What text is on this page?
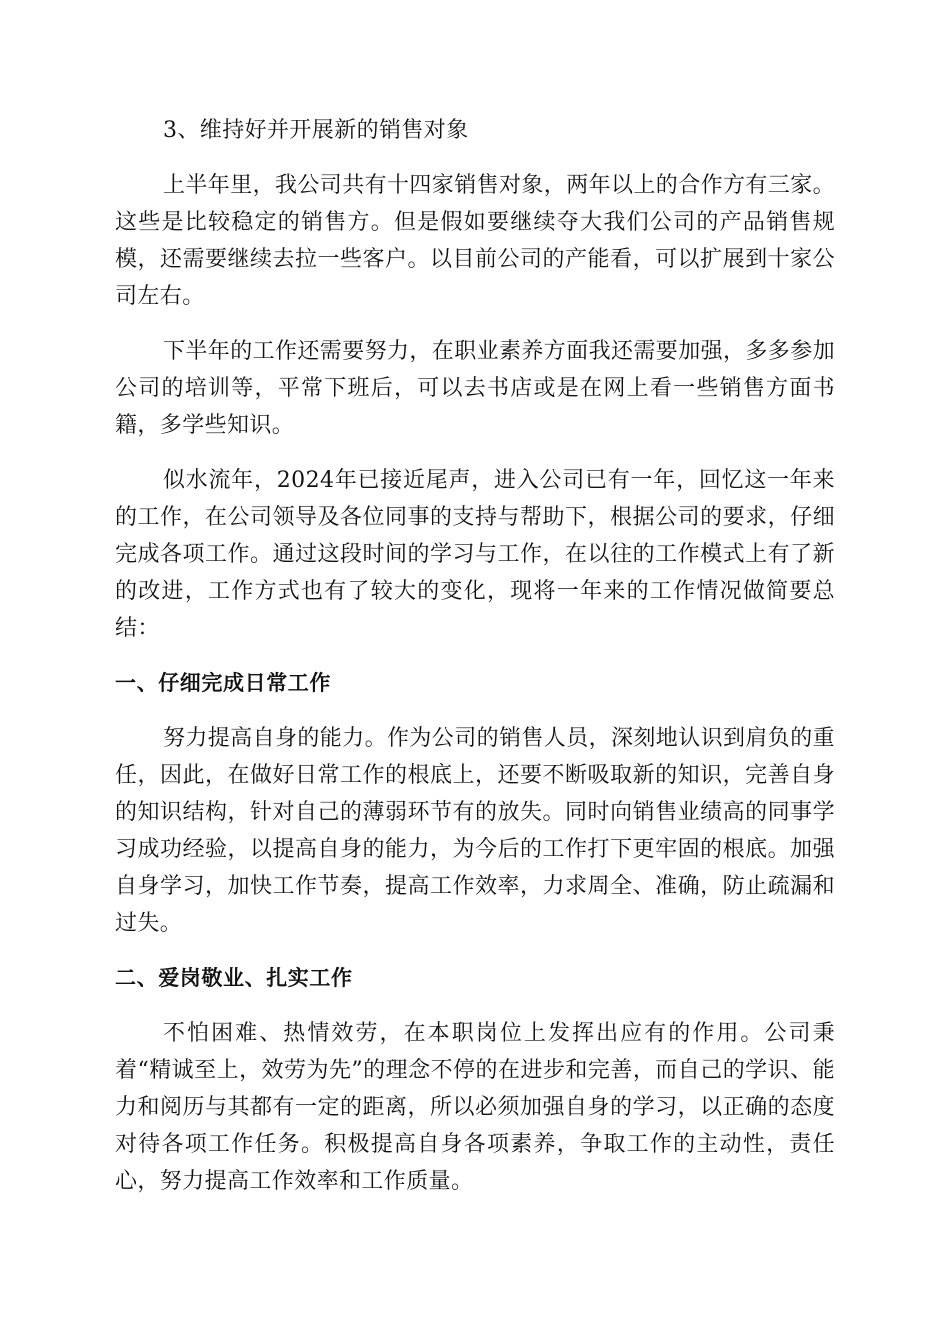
3、维持好并开展新的销售对象

上半年里，我公司共有十四家销售对象，两年以上的合作方有三家。这些是比较稳定的销售方。但是假如要继续夺大我们公司的产品销售规模，还需要继续去拉一些客户。以目前公司的产能看，可以扩展到十家公司左右。

下半年的工作还需要努力，在职业素养方面我还需要加强，多多参加公司的培训等，平常下班后，可以去书店或是在网上看一些销售方面书籍，多学些知识。

似水流年，2024年已接近尾声，进入公司已有一年，回忆这一年来的工作，在公司领导及各位同事的支持与帮助下，根据公司的要求，仔细完成各项工作。通过这段时间的学习与工作，在以往的工作模式上有了新的改进，工作方式也有了较大的变化，现将一年来的工作情况做简要总结：

一、仔细完成日常工作

努力提高自身的能力。作为公司的销售人员，深刻地认识到肩负的重任，因此，在做好日常工作的根底上，还要不断吸取新的知识，完善自身的知识结构，针对自己的薄弱环节有的放失。同时向销售业绩高的同事学习成功经验，以提高自身的能力，为今后的工作打下更牢固的根底。加强自身学习，加快工作节奏，提高工作效率，力求周全、准确，防止疏漏和过失。

二、爱岗敬业、扎实工作

不怕困难、热情效劳，在本职岗位上发挥出应有的作用。公司秉着“精诚至上，效劳为先”的理念不停的在进步和完善，而自己的学识、能力和阅历与其都有一定的距离，所以必须加强自身的学习，以正确的态度对待各项工作任务。积极提高自身各项素养，争取工作的主动性，责任心，努力提高工作效率和工作质量。
